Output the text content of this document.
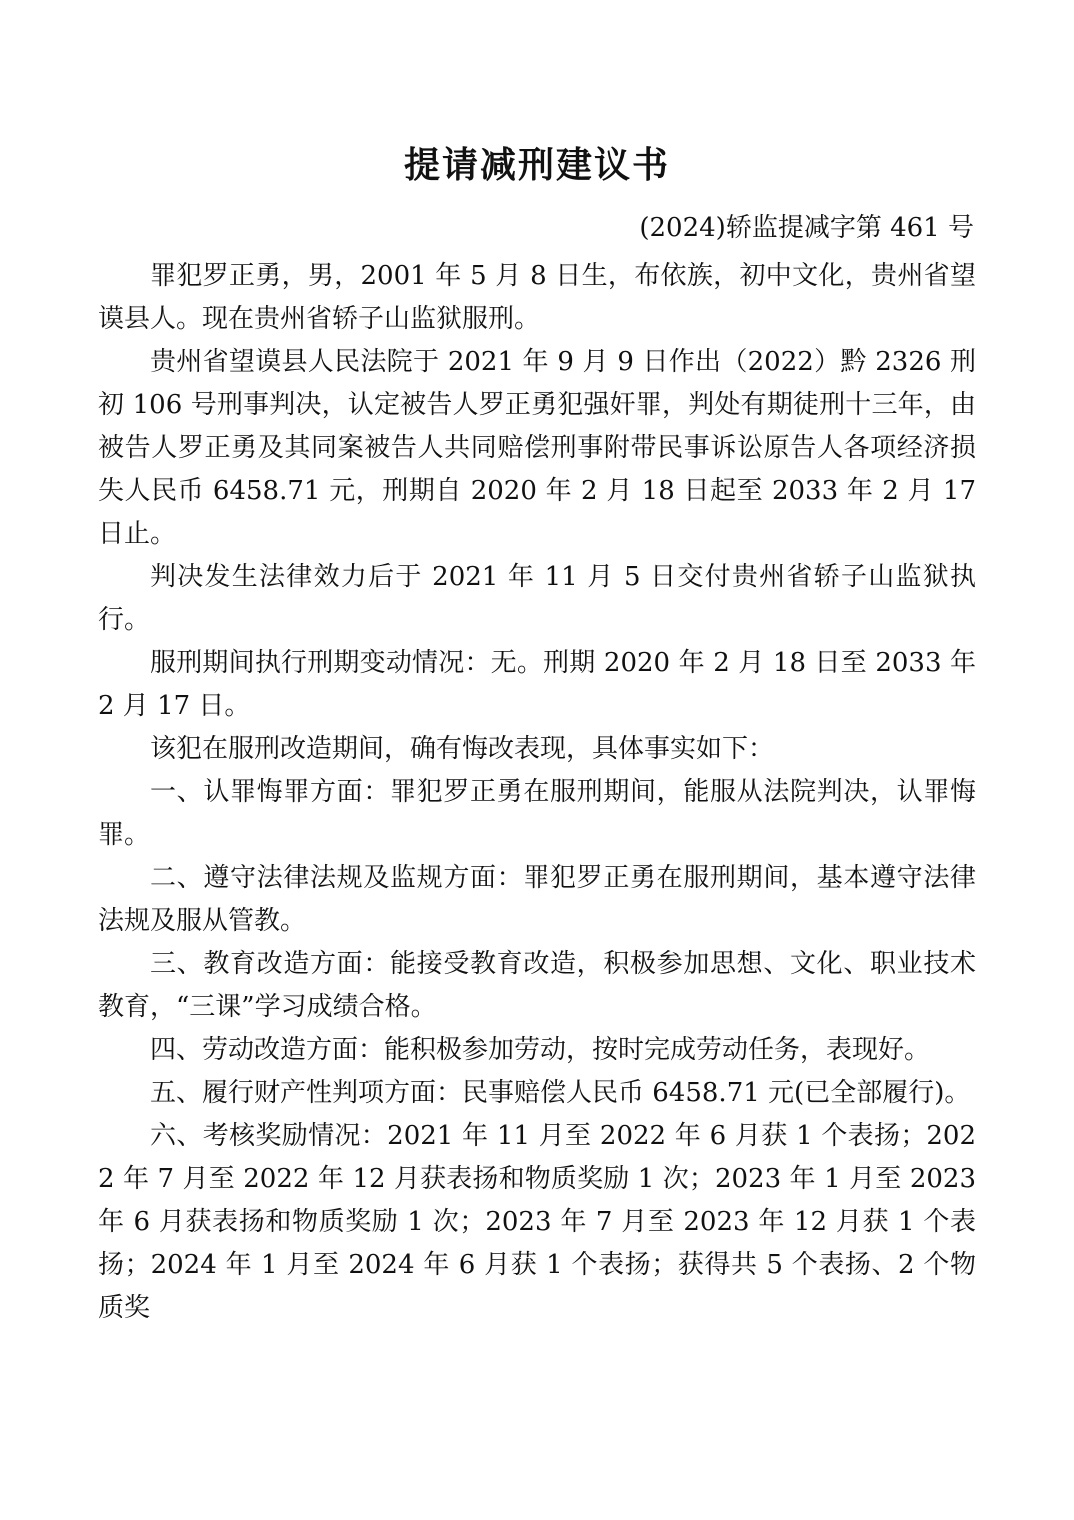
提请减刑建议书
(2024)轿监提减字第 461 号

罪犯罗正勇，男，2001 年 5 月 8 日生，布依族，初中文化，贵州省望谟县人。现在贵州省轿子山监狱服刑。

贵州省望谟县人民法院于 2021 年 9 月 9 日作出（2022）黔 2326 刑初 106 号刑事判决，认定被告人罗正勇犯强奸罪，判处有期徒刑十三年，由被告人罗正勇及其同案被告人共同赔偿刑事附带民事诉讼原告人各项经济损失人民币 6458.71 元，刑期自 2020 年 2 月 18 日起至 2033 年 2 月 17 日止。

判决发生法律效力后于 2021 年 11 月 5 日交付贵州省轿子山监狱执行。

服刑期间执行刑期变动情况：无。刑期 2020 年 2 月 18 日至 2033 年 2 月 17 日。

该犯在服刑改造期间，确有悔改表现，具体事实如下：

一、认罪悔罪方面：罪犯罗正勇在服刑期间，能服从法院判决，认罪悔罪。

二、遵守法律法规及监规方面：罪犯罗正勇在服刑期间，基本遵守法律法规及服从管教。

三、教育改造方面：能接受教育改造，积极参加思想、文化、职业技术教育，“三课”学习成绩合格。

四、劳动改造方面：能积极参加劳动，按时完成劳动任务，表现好。

五、履行财产性判项方面：民事赔偿人民币 6458.71 元(已全部履行)。

六、考核奖励情况：2021 年 11 月至 2022 年 6 月获 1 个表扬；2022 年 7 月至 2022 年 12 月获表扬和物质奖励 1 次；2023 年 1 月至 2023 年 6 月获表扬和物质奖励 1 次；2023 年 7 月至 2023 年 12 月获 1 个表扬；2024 年 1 月至 2024 年 6 月获 1 个表扬；获得共 5 个表扬、2 个物质奖
